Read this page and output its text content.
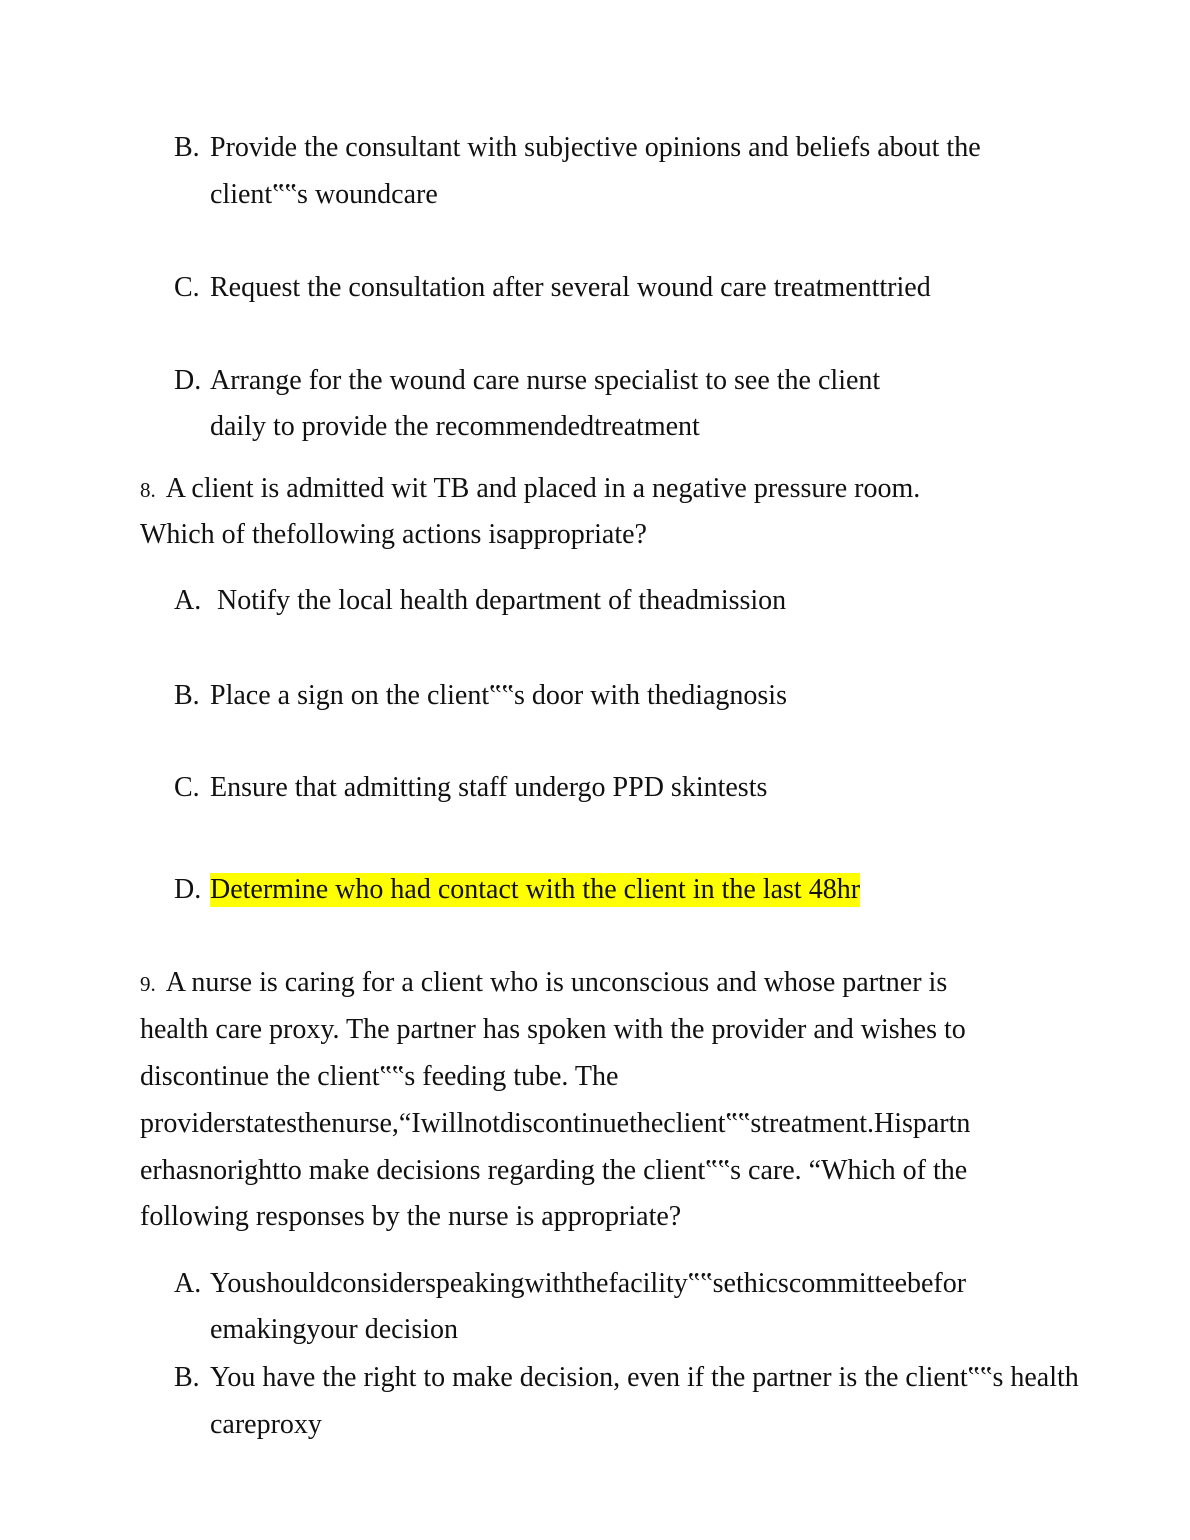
B. Provide the consultant with subjective opinions and beliefs about the
client‟‟s woundcare
C. Request the consultation after several wound care treatmenttried
D. Arrange for the wound care nurse specialist to see the client
daily to provide the recommendedtreatment
8. A client is admitted wit TB and placed in a negative pressure room.
Which of thefollowing actions isappropriate?
A. Notify the local health department of theadmission
B. Place a sign on the client‟‟s door with thediagnosis
C. Ensure that admitting staff undergo PPD skintests
D. Determine who had contact with the client in the last 48hr
9. A nurse is caring for a client who is unconscious and whose partner is
health care proxy. The partner has spoken with the provider and wishes to
discontinue the client‟‟s feeding tube. The
providerstatesthenurse,“Iwillnotdiscontinuetheclient‟‟streatment.Hispartn
erhasnorightto make decisions regarding the client‟‟s care. “Which of the
following responses by the nurse is appropriate?
A. Youshouldconsiderspeakingwiththefacility‟‟sethicscommitteebefor
emakingyour decision
B. You have the right to make decision, even if the partner is the client‟‟s health
careproxy
